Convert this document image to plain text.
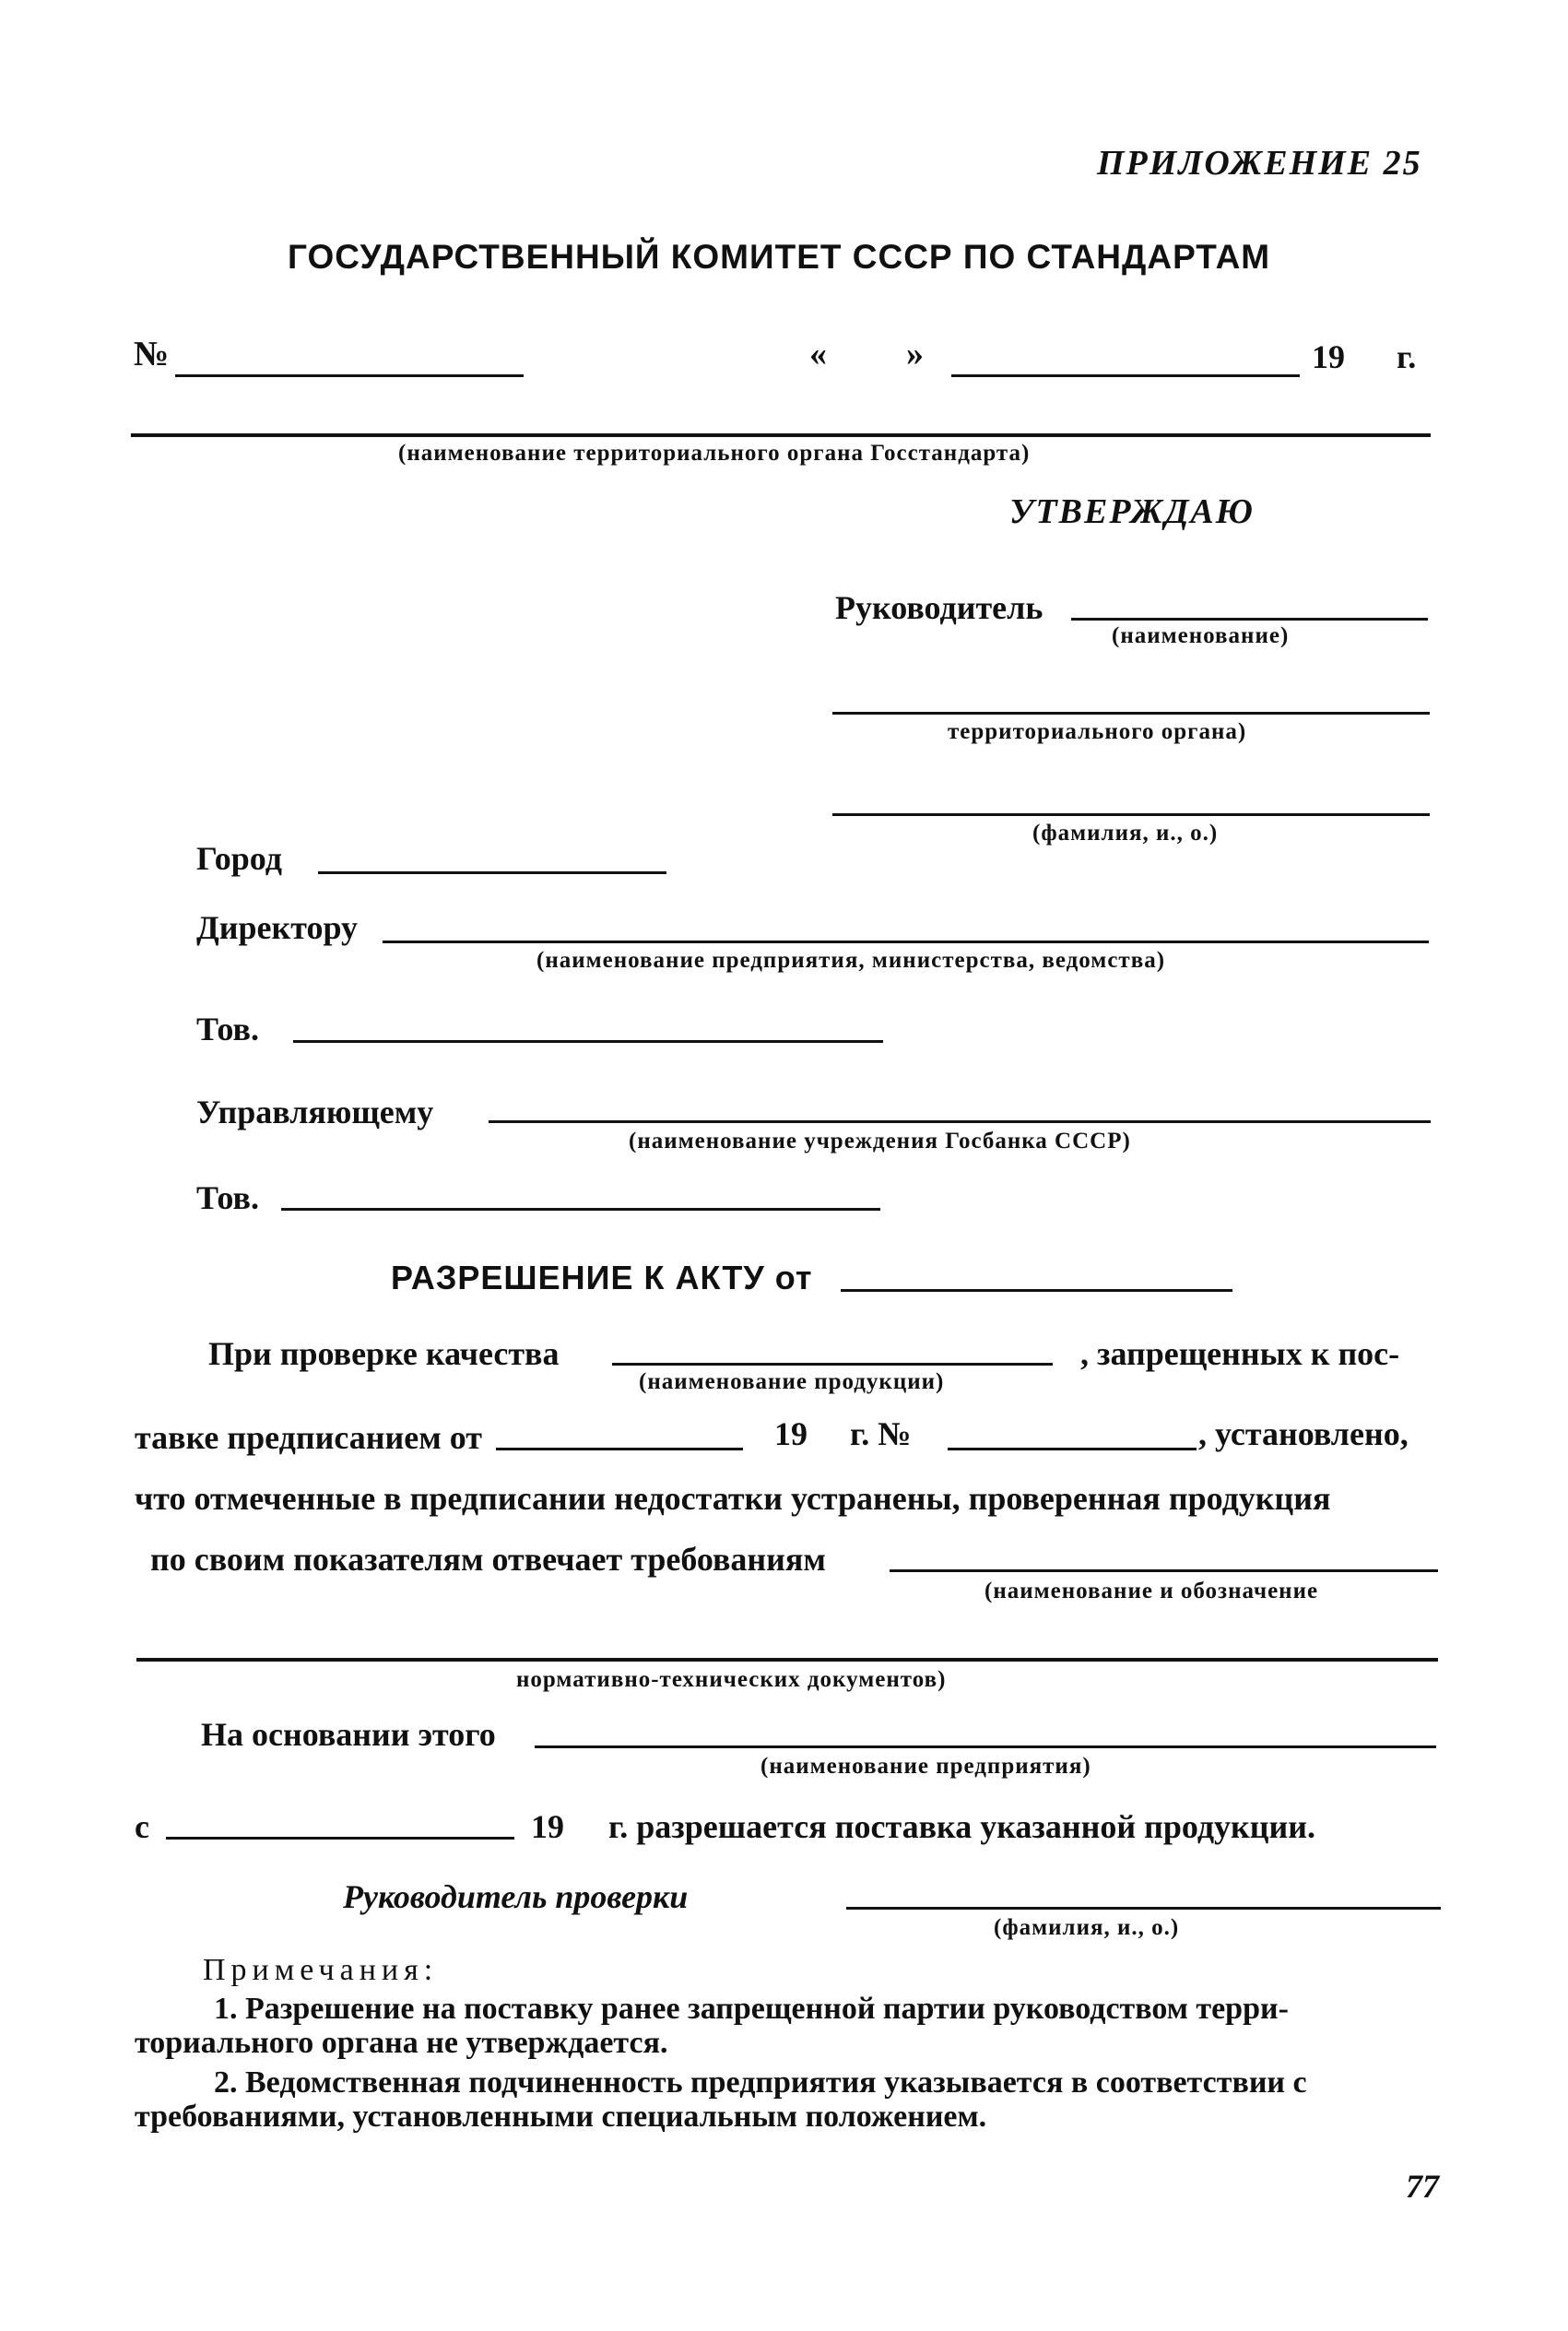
ПРИЛОЖЕНИЕ 25
ГОСУДАРСТВЕННЫЙ КОМИТЕТ СССР ПО СТАНДАРТАМ
№	« »	19 г.
(наименование территориального органа Госстандарта)
УТВЕРЖДАЮ
Руководитель
(наименование)
территориального органа)
(фамилия, и., о.)
Город
Директору
(наименование предприятия, министерства, ведомства)
Тов.
Управляющему
(наименование учреждения Госбанка СССР)
Тов.
РАЗРЕШЕНИЕ К АКТУ от
При проверке качества
(наименование продукции)
, запрещенных к пос-
тавке предписанием от	19 г. №	, установлено,
что отмеченные в предписании недостатки устранены, проверенная продукция
по своим показателям отвечает требованиям
(наименование и обозначение
нормативно-технических документов)
На основании этого
(наименование предприятия)
с	19 г. разрешается поставка указанной продукции.
Руководитель проверки
(фамилия, и., о.)
Примечания:
1. Разрешение на поставку ранее запрещенной партии руководством терри-
ториального органа не утверждается.
2. Ведомственная подчиненность предприятия указывается в соответствии с
требованиями, установленными специальным положением.
77
